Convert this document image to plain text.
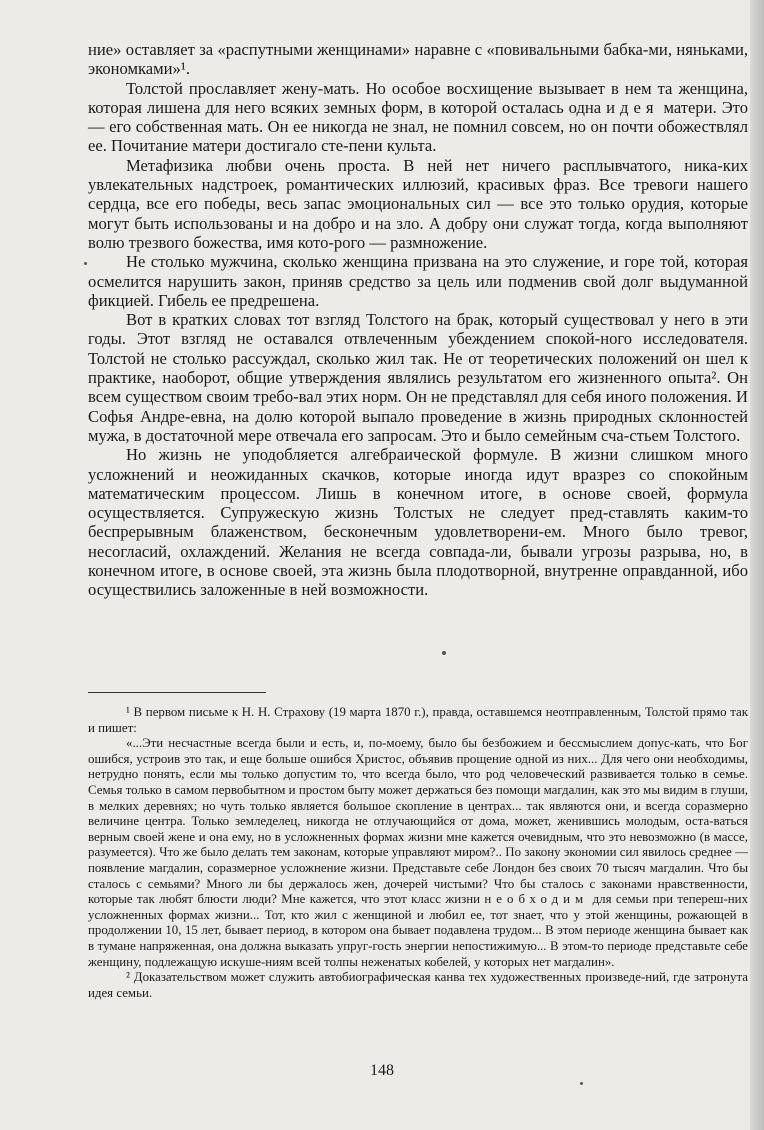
ние» оставляет за «распутными женщинами» наравне с «повивальными бабка-ми, няньками, экономками»¹.

Толстой прославляет жену-мать. Но особое восхищение вызывает в нем та женщина, которая лишена для него всяких земных форм, в которой осталась одна идея матери. Это — его собственная мать. Он ее никогда не знал, не помнил совсем, но он почти обожествлял ее. Почитание матери достигало сте-пени культа.

Метафизика любви очень проста. В ней нет ничего расплывчатого, ника-ких увлекательных надстроек, романтических иллюзий, красивых фраз. Все тревоги нашего сердца, все его победы, весь запас эмоциональных сил — все это только орудия, которые могут быть использованы и на добро и на зло. А добру они служат тогда, когда выполняют волю трезвого божества, имя кото-рого — размножение.

Не столько мужчина, сколько женщина призвана на это служение, и горе той, которая осмелится нарушить закон, приняв средство за цель или подменив свой долг выдуманной фикцией. Гибель ее предрешена.

Вот в кратких словах тот взгляд Толстого на брак, который существовал у него в эти годы. Этот взгляд не оставался отвлеченным убеждением спокой-ного исследователя. Толстой не столько рассуждал, сколько жил так. Не от теоретических положений он шел к практике, наоборот, общие утверждения являлись результатом его жизненного опыта². Он всем существом своим требо-вал этих норм. Он не представлял для себя иного положения. И Софья Андре-евна, на долю которой выпало проведение в жизнь природных склонностей мужа, в достаточной мере отвечала его запросам. Это и было семейным сча-стьем Толстого.

Но жизнь не уподобляется алгебраической формуле. В жизни слишком много усложнений и неожиданных скачков, которые иногда идут вразрез со спокойным математическим процессом. Лишь в конечном итоге, в основе своей, формула осуществляется. Супружескую жизнь Толстых не следует пред-ставлять каким-то беспрерывным блаженством, бесконечным удовлетворени-ем. Много было тревог, несогласий, охлаждений. Желания не всегда совпада-ли, бывали угрозы разрыва, но, в конечном итоге, в основе своей, эта жизнь была плодотворной, внутренне оправданной, ибо осуществились заложенные в ней возможности.

¹ В первом письме к Н. Н. Страхову (19 марта 1870 г.), правда, оставшемся неотправленным, Толстой прямо так и пишет:

«...Эти несчастные всегда были и есть, и, по-моему, было бы безбожием и бессмыслием допус-кать, что Бог ошибся, устроив это так, и еще больше ошибся Христос, объявив прощение одной из них... Для чего они необходимы, нетрудно понять, если мы только допустим то, что всегда было, что род человеческий развивается только в семье. Семья только в самом первобытном и простом быту может держаться без помощи магдалин, как это мы видим в глуши, в мелких деревнях; но чуть только является большое скопление в центрах... так являются они, и всегда соразмерно величине центра. Только земледелец, никогда не отлучающийся от дома, может, женившись молодым, оста-ваться верным своей жене и она ему, но в усложненных формах жизни мне кажется очевидным, что это невозможно (в массе, разумеется). Что же было делать тем законам, которые управляют миром?.. По закону экономии сил явилось среднее — появление магдалин, соразмерное усложнение жизни. Представьте себе Лондон без своих 70 тысяч магдалин. Что бы сталось с семьями? Много ли бы держалось жен, дочерей чистыми? Что бы сталось с законами нравственности, которые так любят блюсти люди? Мне кажется, что этот класс жизни необходим для семьи при тепереш-них усложненных формах жизни... Тот, кто жил с женщиной и любил ее, тот знает, что у этой женщины, рожающей в продолжении 10, 15 лет, бывает период, в котором она бывает подавлена трудом... В этом периоде женщина бывает как в тумане напряженная, она должна выказать упруг-гость энергии непостижимую... В этом-то периоде представьте себе женщину, подлежащую искуше-ниям всей толпы неженатых кобелей, у которых нет магдалин».

² Доказательством может служить автобиографическая канва тех художественных произведе-ний, где затронута идея семьи.

148
